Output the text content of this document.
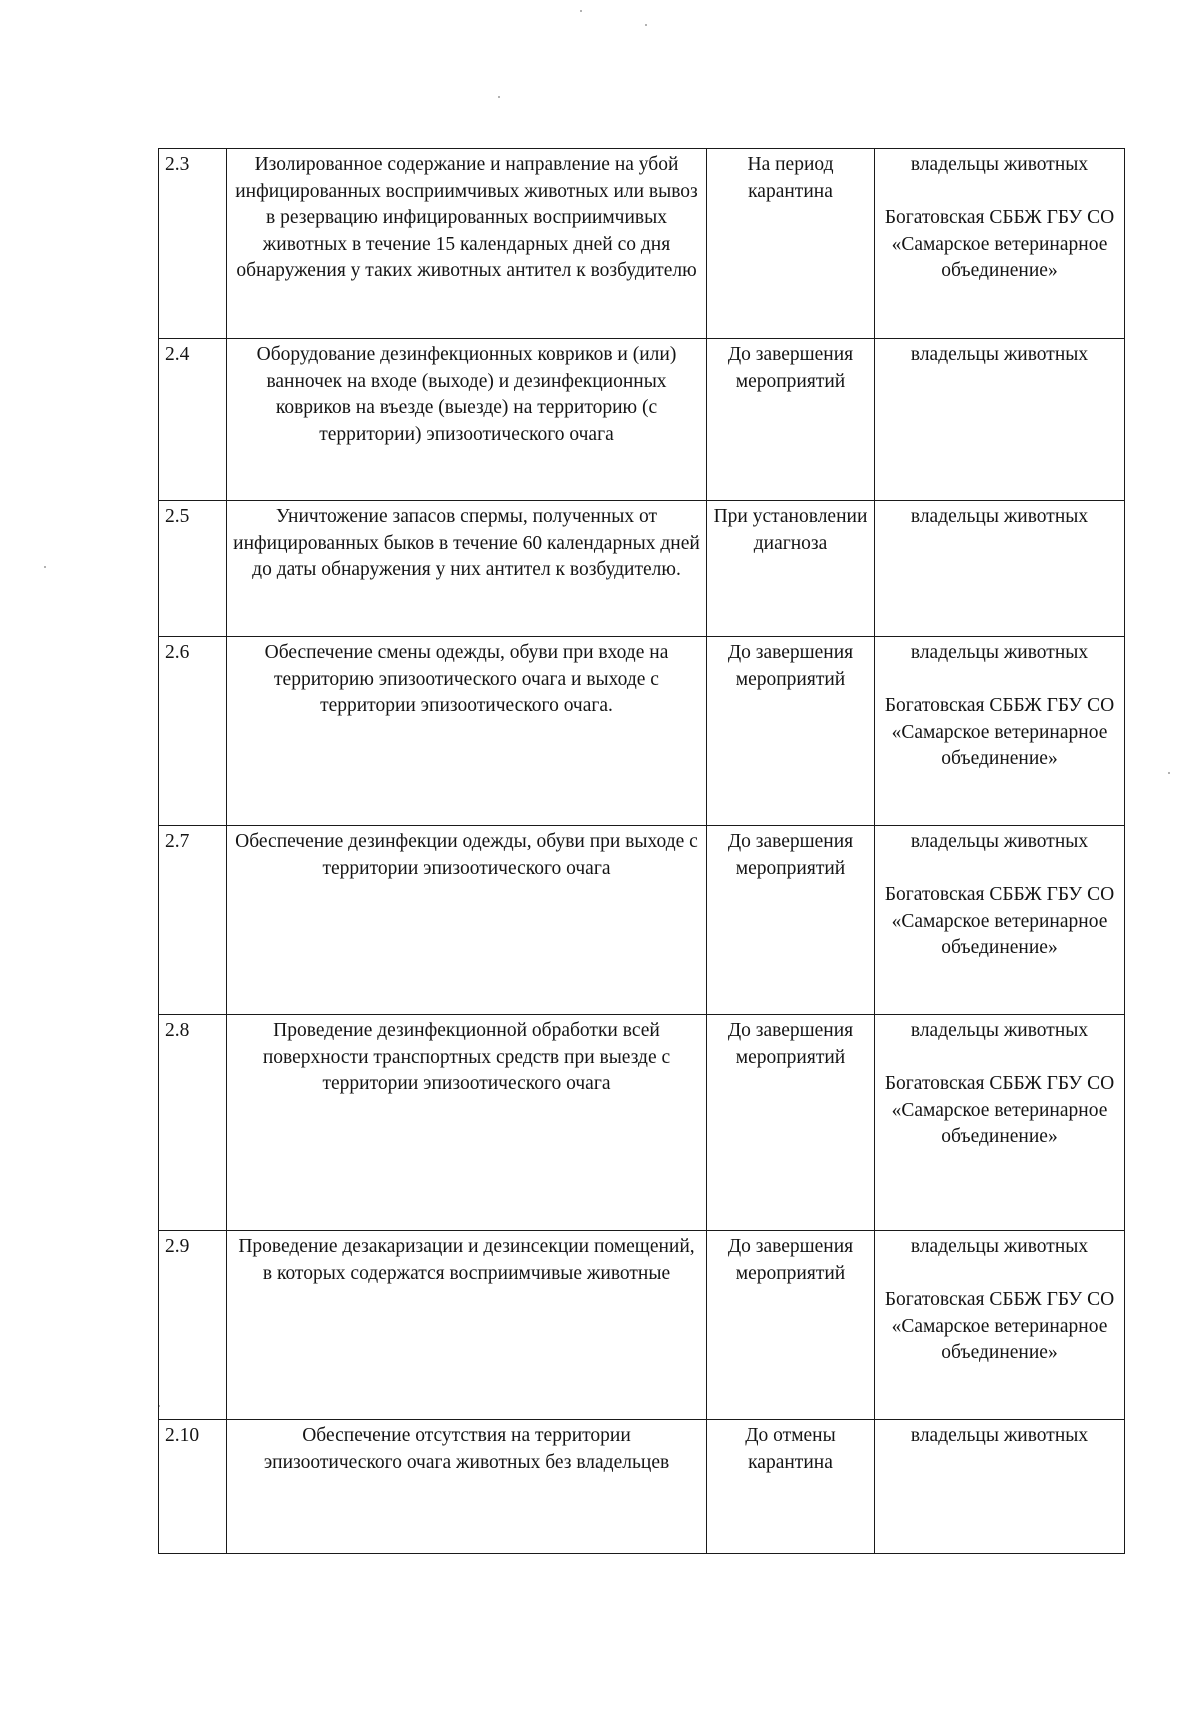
2.3	Изолированное содержание и направление на убой инфицированных восприимчивых животных или вывоз в резервацию инфицированных восприимчивых животных в течение 15 календарных дней со дня обнаружения у таких животных антител к возбудителю	На период карантина	владельцы животных

Богатовская СББЖ ГБУ СО «Самарское ветеринарное объединение»

2.4	Оборудование дезинфекционных ковриков и (или) ванночек на входе (выходе) и дезинфекционных ковриков на въезде (выезде) на территорию (с территории) эпизоотического очага	До завершения мероприятий	владельцы животных

2.5	Уничтожение запасов спермы, полученных от инфицированных быков в течение 60 календарных дней до даты обнаружения у них антител к возбудителю.	При установлении диагноза	владельцы животных

2.6	Обеспечение смены одежды, обуви при входе на территорию эпизоотического очага и выходе с территории эпизоотического очага.	До завершения мероприятий	владельцы животных

Богатовская СББЖ ГБУ СО «Самарское ветеринарное объединение»

2.7	Обеспечение дезинфекции одежды, обуви при выходе с территории эпизоотического очага	До завершения мероприятий	владельцы животных

Богатовская СББЖ ГБУ СО «Самарское ветеринарное объединение»

2.8	Проведение дезинфекционной обработки всей поверхности транспортных средств при выезде с территории эпизоотического очага	До завершения мероприятий	владельцы животных

Богатовская СББЖ ГБУ СО «Самарское ветеринарное объединение»

2.9	Проведение дезакаризации и дезинсекции помещений, в которых содержатся восприимчивые животные	До завершения мероприятий	владельцы животных

Богатовская СББЖ ГБУ СО «Самарское ветеринарное объединение»

2.10	Обеспечение отсутствия на территории эпизоотического очага животных без владельцев	До отмены карантина	владельцы животных
